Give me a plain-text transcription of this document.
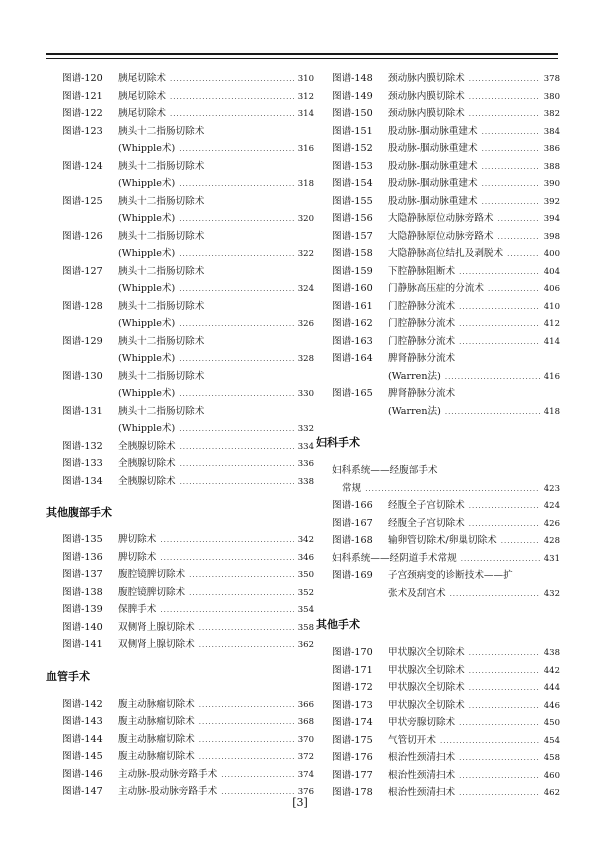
图谱-120	胰尾切除术 .....	310
图谱-121	胰尾切除术 .....	312
图谱-122	胰尾切除术 .....	314
图谱-123	胰头十二指肠切除术
(Whipple术) .....	316
图谱-124	胰头十二指肠切除术
(Whipple术) .....	318
图谱-125	胰头十二指肠切除术
(Whipple术) .....	320
图谱-126	胰头十二指肠切除术
(Whipple术) .....	322
图谱-127	胰头十二指肠切除术
(Whipple术) .....	324
图谱-128	胰头十二指肠切除术
(Whipple术) .....	326
图谱-129	胰头十二指肠切除术
(Whipple术) .....	328
图谱-130	胰头十二指肠切除术
(Whipple术) .....	330
图谱-131	胰头十二指肠切除术
(Whipple术) .....	332
图谱-132	全胰腺切除术 .....	334
图谱-133	全胰腺切除术 .....	336
图谱-134	全胰腺切除术 .....	338
其他腹部手术
图谱-135	脾切除术 .....	342
图谱-136	脾切除术 .....	346
图谱-137	腹腔镜脾切除术 .....	350
图谱-138	腹腔镜脾切除术 .....	352
图谱-139	保脾手术 .....	354
图谱-140	双侧肾上腺切除术 .....	358
图谱-141	双侧肾上腺切除术 .....	362
血管手术
图谱-142	腹主动脉瘤切除术 .....	366
图谱-143	腹主动脉瘤切除术 .....	368
图谱-144	腹主动脉瘤切除术 .....	370
图谱-145	腹主动脉瘤切除术 .....	372
图谱-146	主动脉-股动脉旁路手术 .....	374
图谱-147	主动脉-股动脉旁路手术 .....	376
图谱-148	颈动脉内膜切除术 .....	378
图谱-149	颈动脉内膜切除术 .....	380
图谱-150	颈动脉内膜切除术 .....	382
图谱-151	股动脉-腘动脉重建术 .....	384
图谱-152	股动脉-腘动脉重建术 .....	386
图谱-153	股动脉-腘动脉重建术 .....	388
图谱-154	股动脉-腘动脉重建术 .....	390
图谱-155	股动脉-腘动脉重建术 .....	392
图谱-156	大隐静脉原位动脉旁路术 .....	394
图谱-157	大隐静脉原位动脉旁路术 .....	398
图谱-158	大隐静脉高位结扎及剥脱术 .....	400
图谱-159	下腔静脉阻断术 .....	404
图谱-160	门静脉高压症的分流术 .....	406
图谱-161	门腔静脉分流术 .....	410
图谱-162	门腔静脉分流术 .....	412
图谱-163	门腔静脉分流术 .....	414
图谱-164	脾肾静脉分流术
(Warren法) .....	416
图谱-165	脾肾静脉分流术
(Warren法) .....	418
妇科手术
妇科系统——经腹部手术
常规 .....	423
图谱-166	经腹全子宫切除术 .....	424
图谱-167	经腹全子宫切除术 .....	426
图谱-168	输卵管切除术/卵巢切除术 .....	428
妇科系统——经阴道手术常规 .....	431
图谱-169	子宫颈病变的诊断技术——扩
张术及刮宫术 .....	432
其他手术
图谱-170	甲状腺次全切除术 .....	438
图谱-171	甲状腺次全切除术 .....	442
图谱-172	甲状腺次全切除术 .....	444
图谱-173	甲状腺次全切除术 .....	446
图谱-174	甲状旁腺切除术 .....	450
图谱-175	气管切开术 .....	454
图谱-176	根治性颈清扫术 .....	458
图谱-177	根治性颈清扫术 .....	460
图谱-178	根治性颈清扫术 .....	462
[3]
